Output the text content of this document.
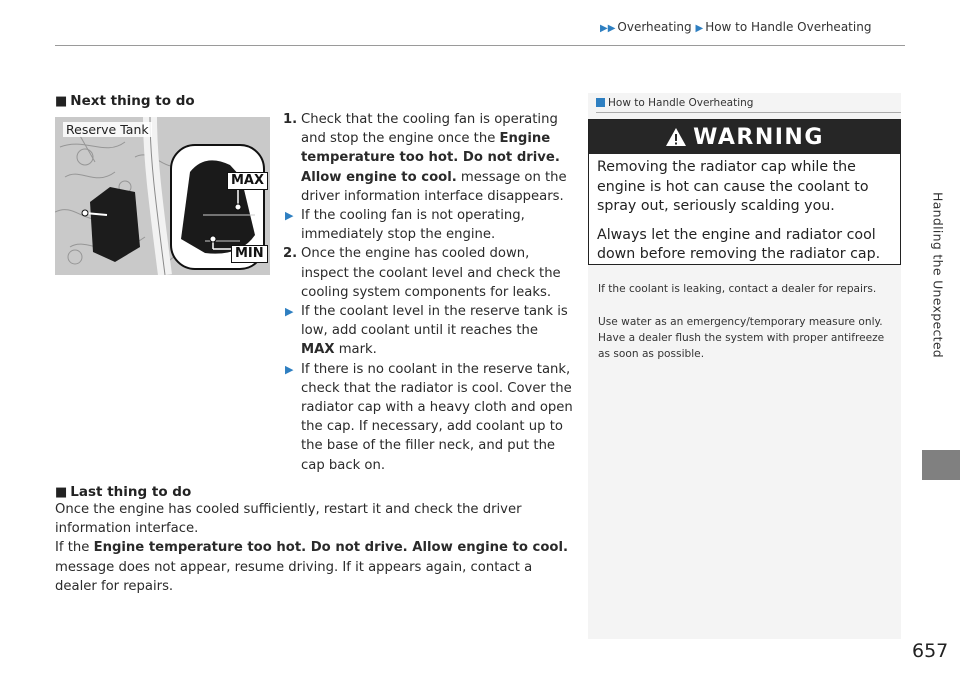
▶▶ Overheating ▶ How to Handle Overheating
Handling the Unexpected
657
■ Next thing to do
Reserve Tank
MAX
MIN
1. Check that the cooling fan is operating and stop the engine once the Engine temperature too hot. Do not drive. Allow engine to cool. message on the driver information interface disappears.
▶ If the cooling fan is not operating, immediately stop the engine.
2. Once the engine has cooled down, inspect the coolant level and check the cooling system components for leaks.
▶ If the coolant level in the reserve tank is low, add coolant until it reaches the MAX mark.
▶ If there is no coolant in the reserve tank, check that the radiator is cool. Cover the radiator cap with a heavy cloth and open the cap. If necessary, add coolant up to the base of the filler neck, and put the cap back on.
■ Last thing to do
Once the engine has cooled sufficiently, restart it and check the driver information interface.
If the Engine temperature too hot. Do not drive. Allow engine to cool.
message does not appear, resume driving. If it appears again, contact a dealer for repairs.
How to Handle Overheating
WARNING

Removing the radiator cap while the engine is hot can cause the coolant to spray out, seriously scalding you.

Always let the engine and radiator cool down before removing the radiator cap.

If the coolant is leaking, contact a dealer for repairs.
Use water as an emergency/temporary measure only. Have a dealer flush the system with proper antifreeze as soon as possible.
